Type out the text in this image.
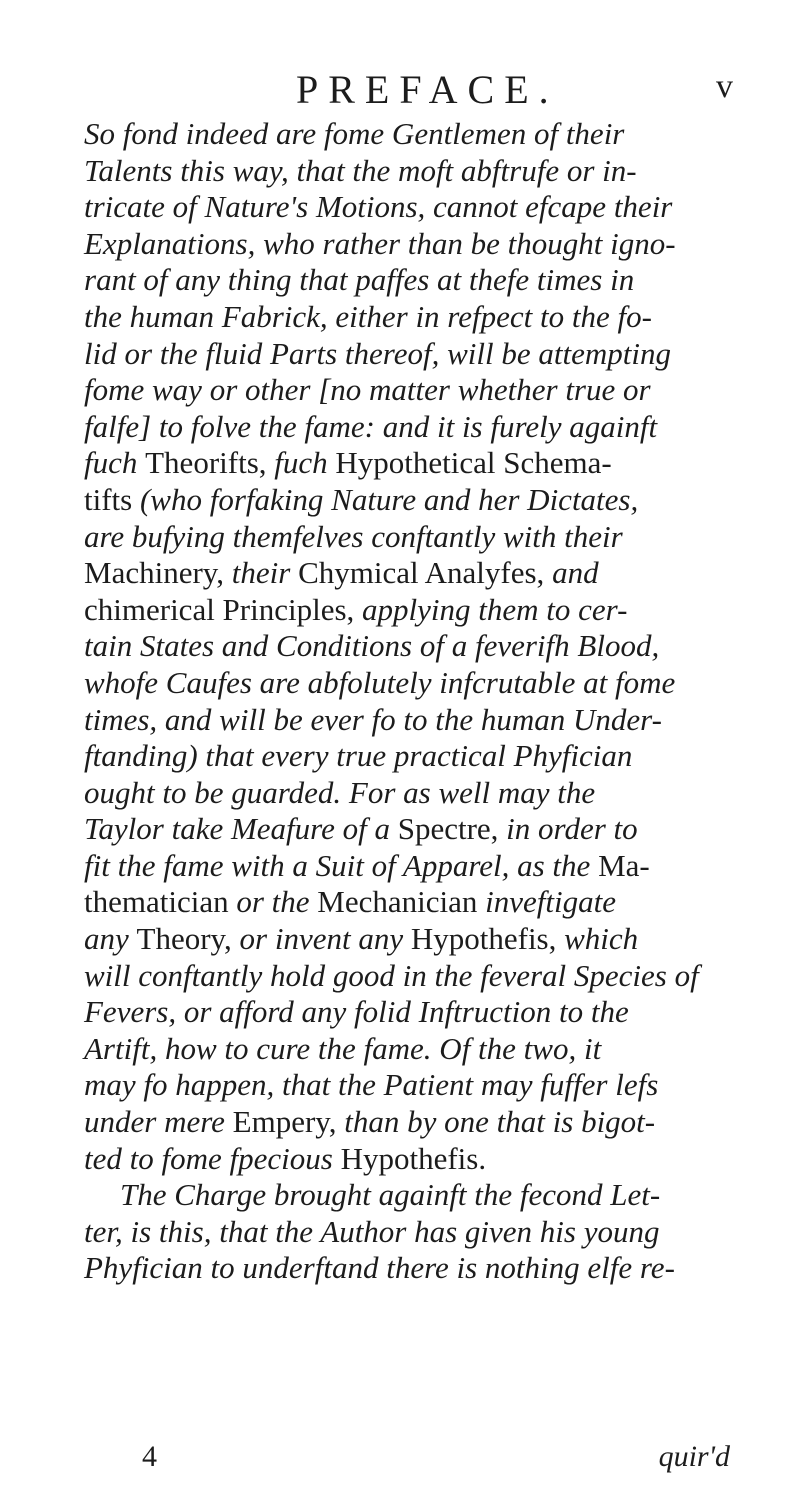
PREFACE.	v
So fond indeed are fome Gentlemen of their
Talents this way, that the moft abftrufe or in-
tricate of Nature's Motions, cannot efcape their
Explanations, who rather than be thought igno-
rant of any thing that paffes at thefe times in
the human Fabrick, either in refpect to the fo-
lid or the fluid Parts thereof, will be attempting
fome way or other [no matter whether true or
falfe] to folve the fame: and it is furely againft
fuch Theorifts, fuch Hypothetical Schema-
tifts (who forfaking Nature and her Dictates,
are bufying themfelves conftantly with their
Machinery, their Chymical Analyfes, and
chimerical Principles, applying them to cer-
tain States and Conditions of a feverifh Blood,
whofe Caufes are abfolutely infcrutable at fome
times, and will be ever fo to the human Under-
ftanding) that every true practical Phyfician
ought to be guarded. For as well may the
Taylor take Meafure of a Spectre, in order to
fit the fame with a Suit of Apparel, as the Ma-
thematician or the Mechanician inveftigate
any Theory, or invent any Hypothefis, which
will conftantly hold good in the feveral Species of
Fevers, or afford any folid Inftruction to the
Artift, how to cure the fame. Of the two, it
may fo happen, that the Patient may fuffer lefs
under mere Empery, than by one that is bigot-
ted to fome fpecious Hypothefis.
The Charge brought againft the fecond Let-
ter, is this, that the Author has given his young
Phyfician to underftand there is nothing elfe re-
4	quir'd
